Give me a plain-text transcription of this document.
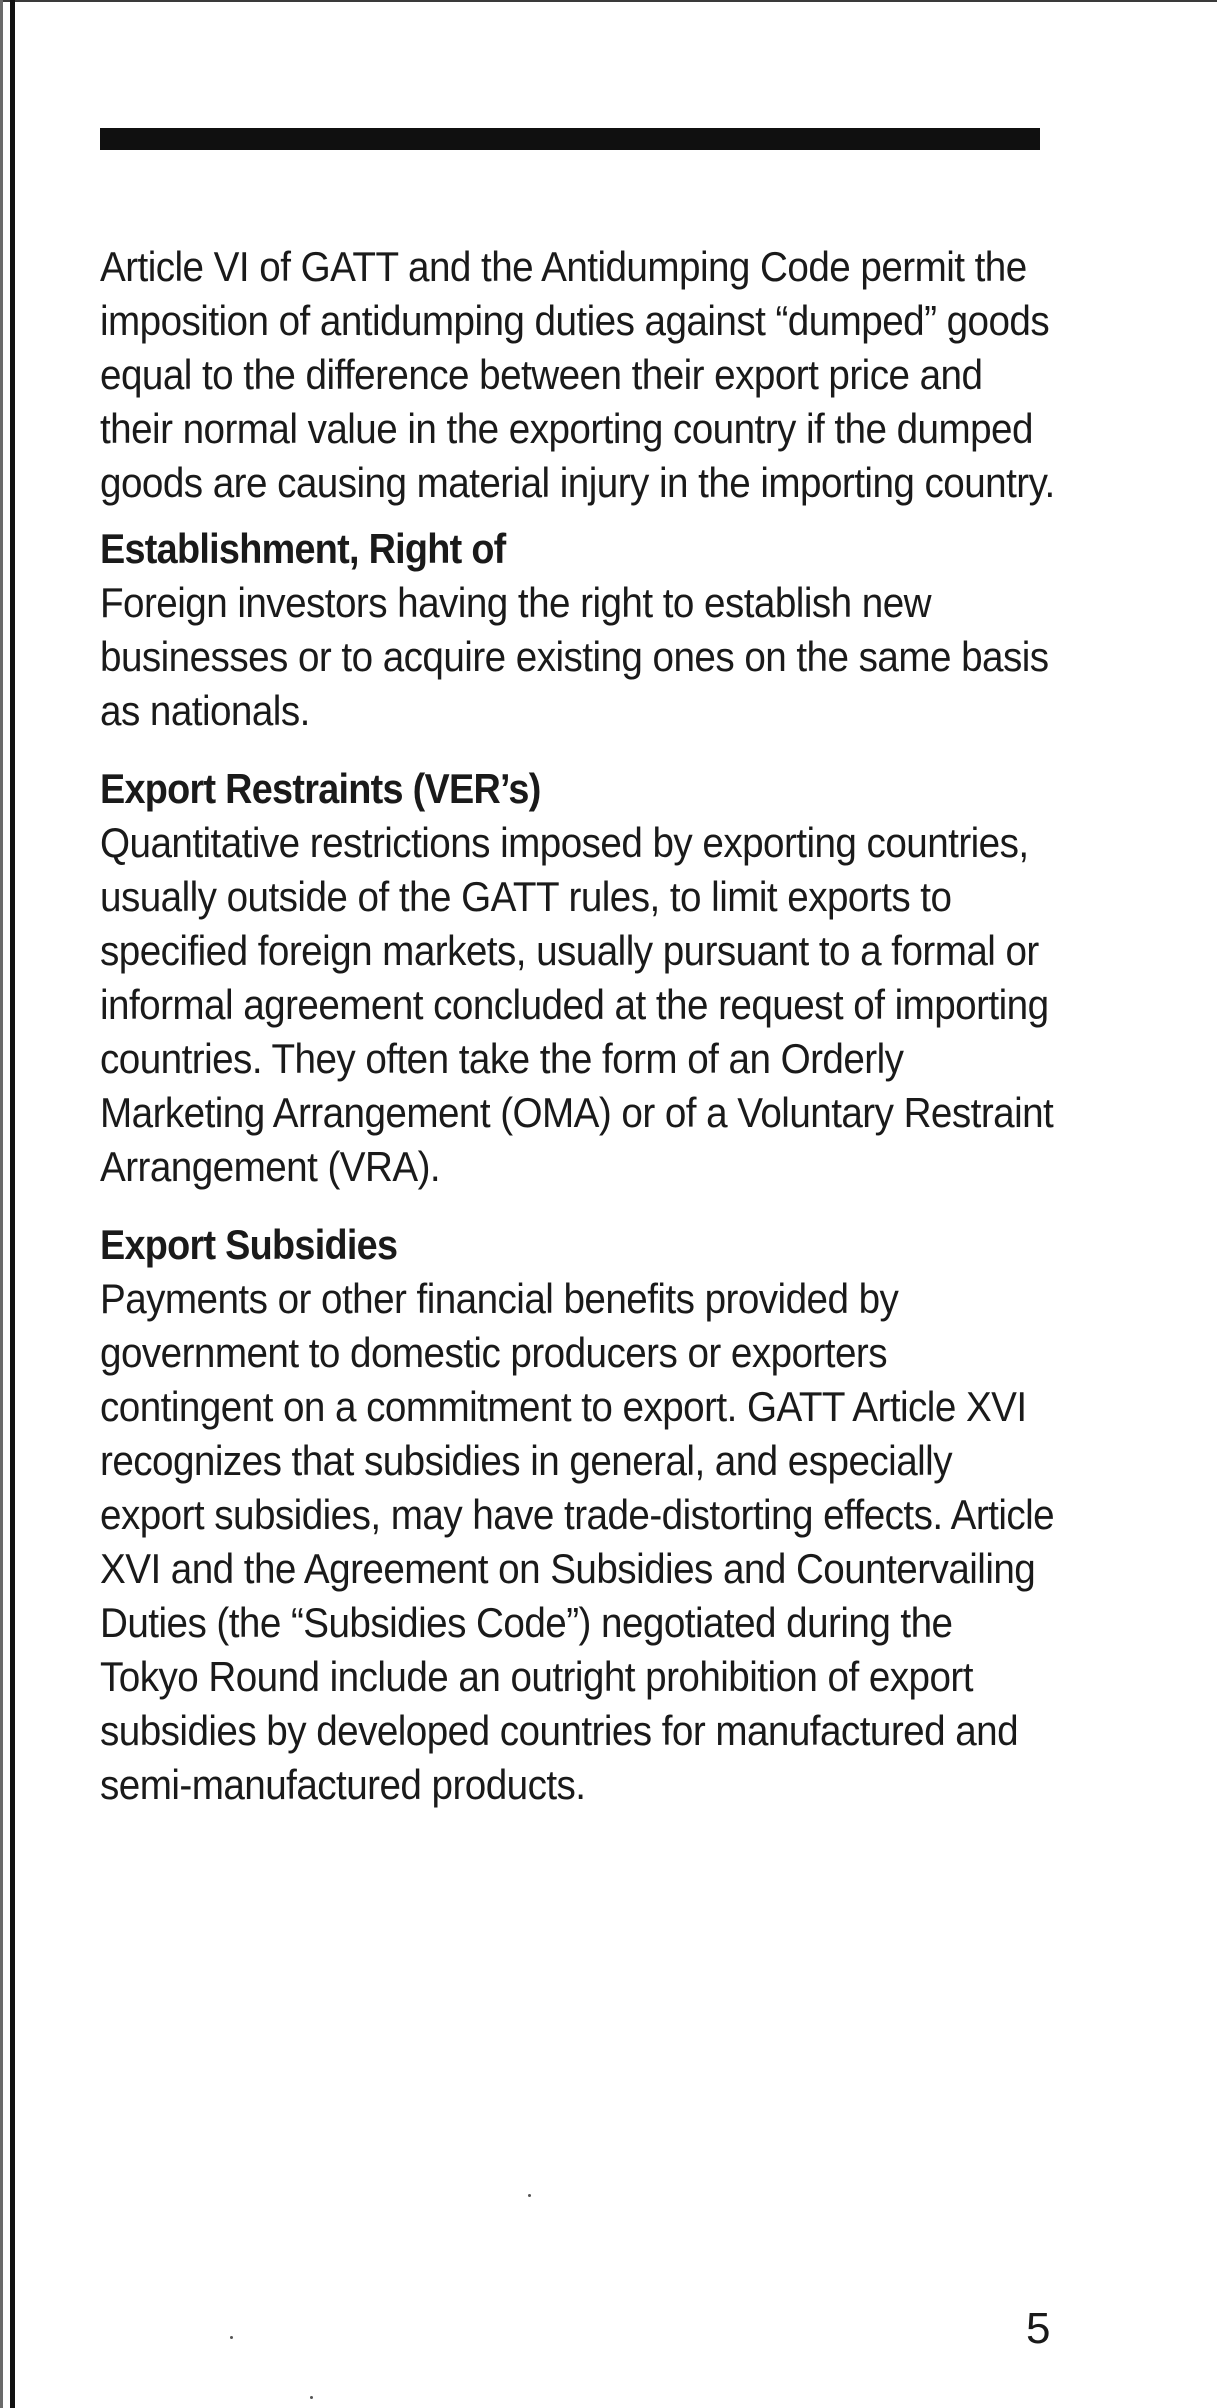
Article VI of GATT and the Antidumping Code permit the imposition of antidumping duties against “dumped” goods equal to the difference between their export price and their normal value in the exporting country if the dumped goods are causing material injury in the importing country.

Establishment, Right of

Foreign investors having the right to establish new businesses or to acquire existing ones on the same basis as nationals.

Export Restraints (VER’s)

Quantitative restrictions imposed by exporting countries, usually outside of the GATT rules, to limit exports to specified foreign markets, usually pursuant to a formal or informal agreement concluded at the request of importing countries. They often take the form of an Orderly Marketing Arrangement (OMA) or of a Voluntary Restraint Arrangement (VRA).

Export Subsidies

Payments or other financial benefits provided by government to domestic producers or exporters contingent on a commitment to export. GATT Article XVI recognizes that subsidies in general, and especially export subsidies, may have trade-distorting effects. Article XVI and the Agreement on Subsidies and Countervailing Duties (the “Subsidies Code”) negotiated during the Tokyo Round include an outright prohibition of export subsidies by developed countries for manufactured and semi-manufactured products.

5
